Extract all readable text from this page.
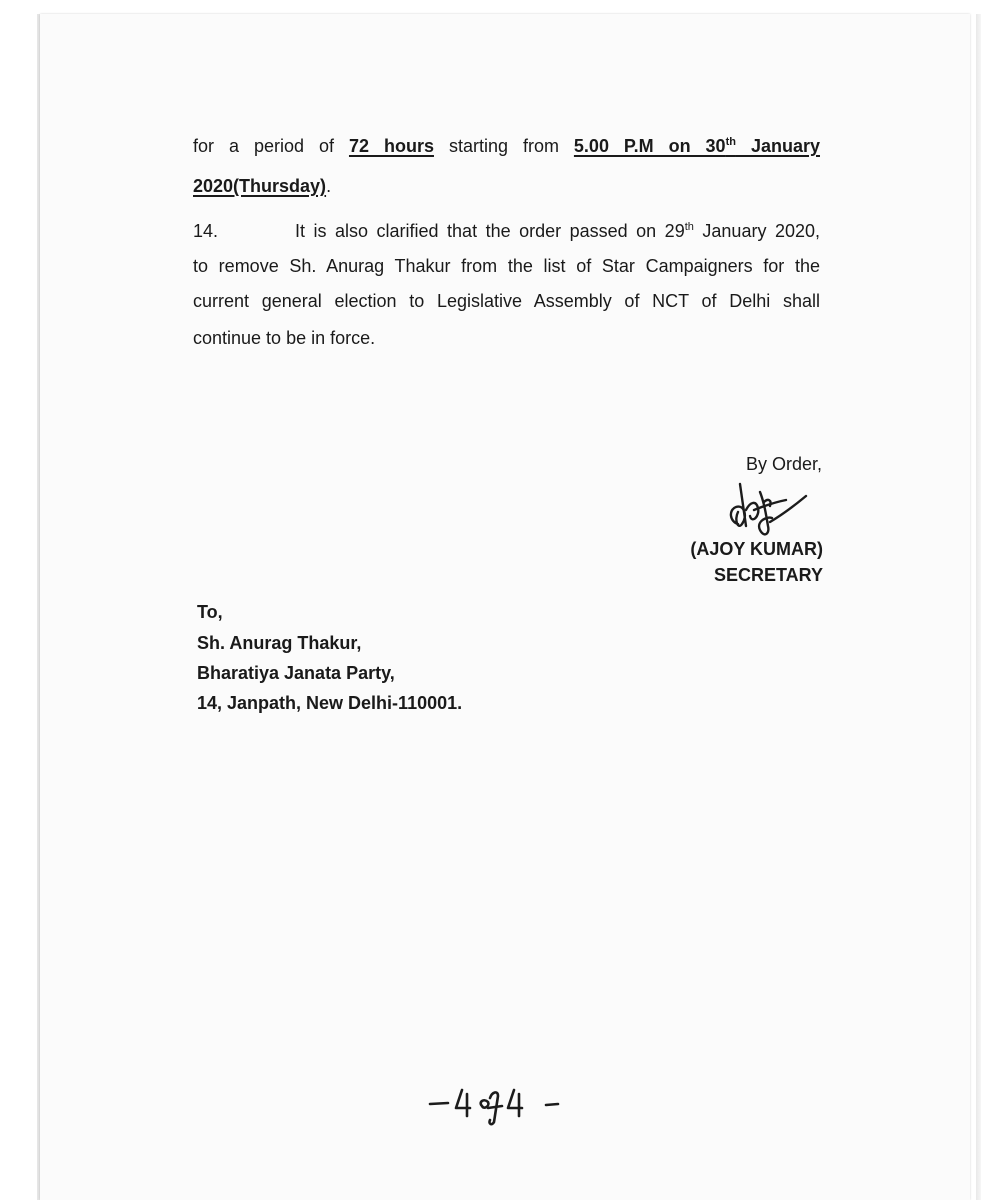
for a period of 72 hours starting from 5.00 P.M on 30th January

2020(Thursday).

14.	It is also clarified that the order passed on 29th January 2020,

to remove Sh. Anurag Thakur from the list of Star Campaigners for the

current general election to Legislative Assembly of NCT of Delhi shall

continue to be in force.

By Order,

(AJOY KUMAR)

SECRETARY

To,

Sh. Anurag Thakur,

Bharatiya Janata Party,

14, Janpath, New Delhi-110001.
